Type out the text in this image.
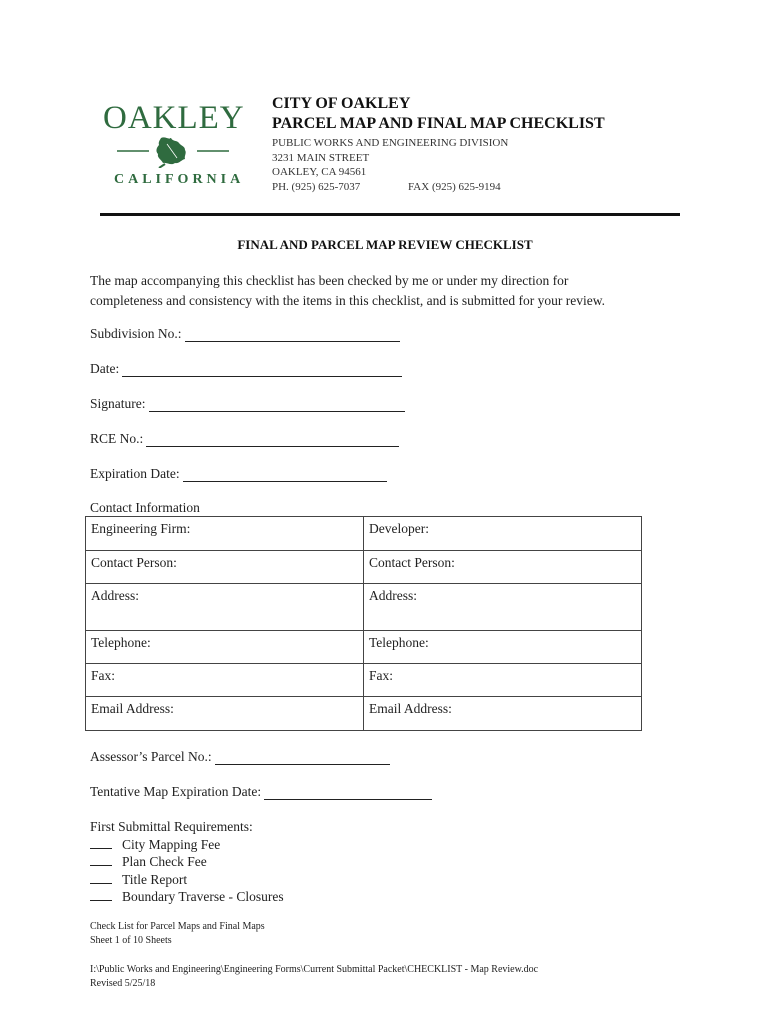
OAKLEY
CALIFORNIA
CITY OF OAKLEY
PARCEL MAP AND FINAL MAP CHECKLIST
PUBLIC WORKS AND ENGINEERING DIVISION
3231 MAIN STREET
OAKLEY, CA 94561
PH. (925) 625-7037	FAX (925) 625-9194
FINAL AND PARCEL MAP REVIEW CHECKLIST
The map accompanying this checklist has been checked by me or under my direction for
completeness and consistency with the items in this checklist, and is submitted for your review.
Subdivision No.:
Date:
Signature:
RCE No.:
Expiration Date:
Contact Information
Engineering Firm:	Developer:
Contact Person:	Contact Person:
Address:	Address:
Telephone:	Telephone:
Fax:	Fax:
Email Address:	Email Address:
Assessor’s Parcel No.:
Tentative Map Expiration Date:
First Submittal Requirements:
City Mapping Fee
Plan Check Fee
Title Report
Boundary Traverse - Closures
Check List for Parcel Maps and Final Maps
Sheet 1 of 10 Sheets
I:\Public Works and Engineering\Engineering Forms\Current Submittal Packet\CHECKLIST - Map Review.doc
Revised 5/25/18
